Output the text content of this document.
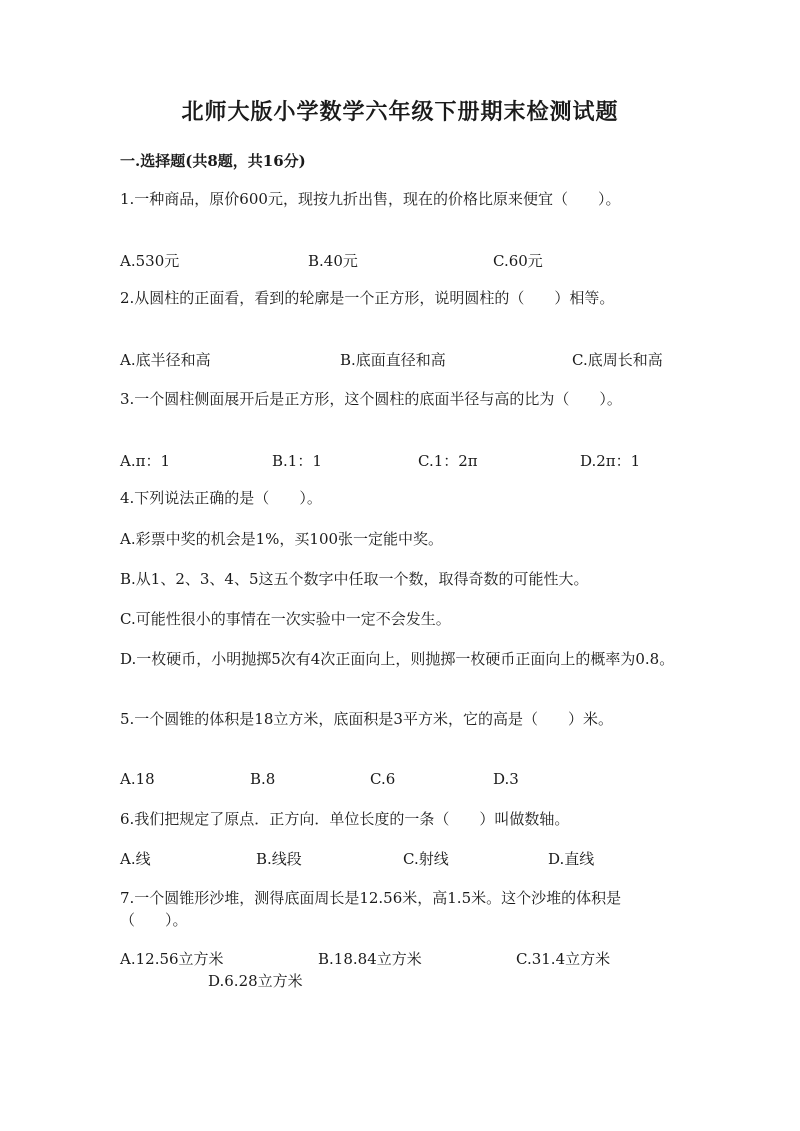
北师大版小学数学六年级下册期末检测试题
一.选择题(共8题，共16分)
1.一种商品，原价600元，现按九折出售，现在的价格比原来便宜（　　）。
A.530元	B.40元	C.60元
2.从圆柱的正面看，看到的轮廓是一个正方形，说明圆柱的（　　）相等。
A.底半径和高	B.底面直径和高	C.底周长和高
3.一个圆柱侧面展开后是正方形，这个圆柱的底面半径与高的比为（　　）。
A.π：1	B.1：1	C.1：2π	D.2π：1
4.下列说法正确的是（　　）。
A.彩票中奖的机会是1%，买100张一定能中奖。
B.从1、2、3、4、5这五个数字中任取一个数，取得奇数的可能性大。
C.可能性很小的事情在一次实验中一定不会发生。
D.一枚硬币，小明抛掷5次有4次正面向上，则抛掷一枚硬币正面向上的概率为0.8。
5.一个圆锥的体积是18立方米，底面积是3平方米，它的高是（　　）米。
A.18	B.8	C.6	D.3
6.我们把规定了原点．正方向．单位长度的一条（　　）叫做数轴。
A.线	B.线段	C.射线	D.直线
7.一个圆锥形沙堆，测得底面周长是12.56米，高1.5米。这个沙堆的体积是（　　）。
A.12.56立方米	B.18.84立方米	C.31.4立方米
D.6.28立方米
